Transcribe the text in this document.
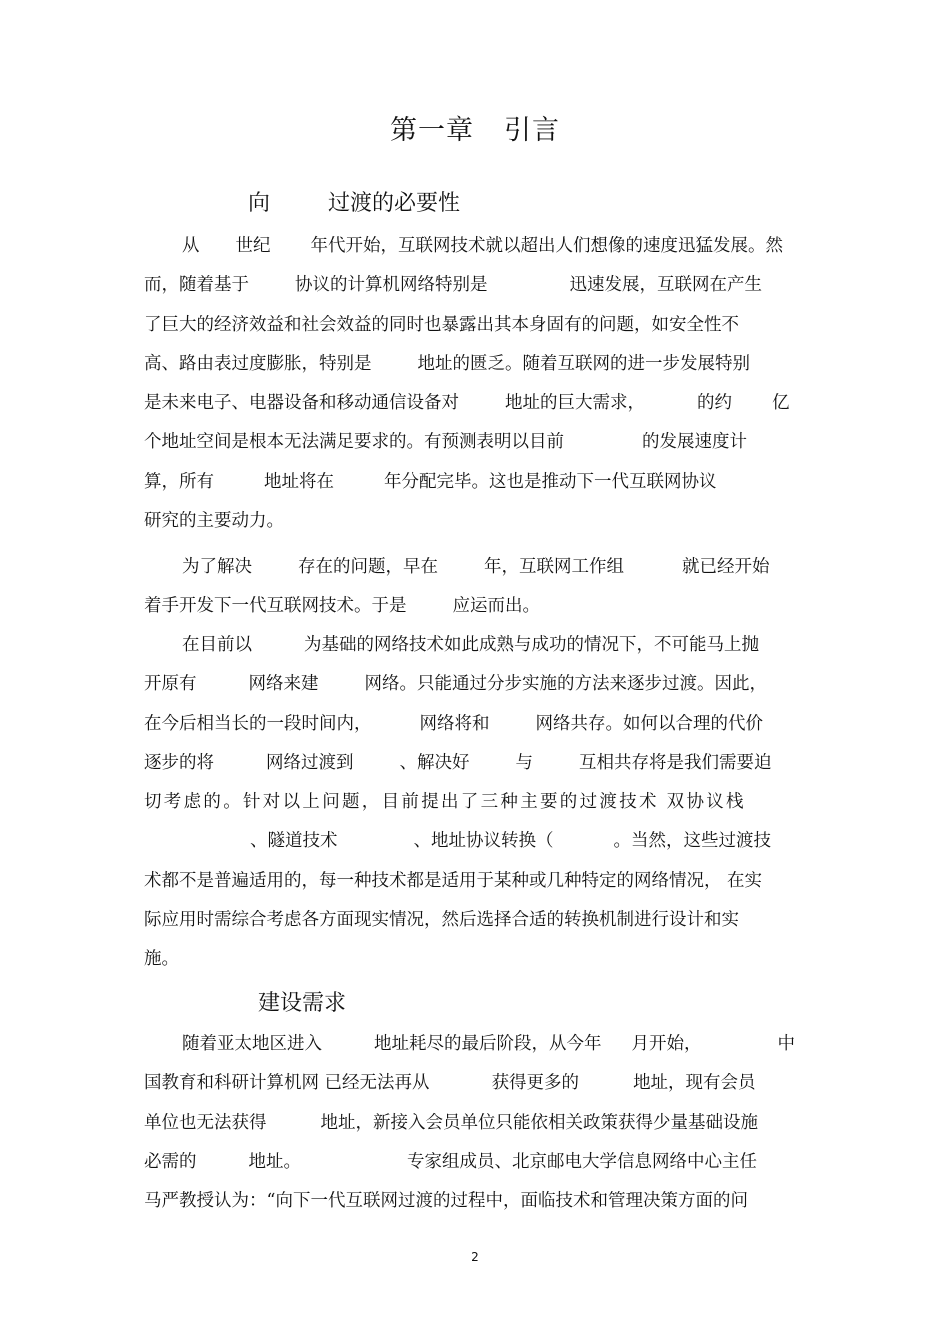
第一章 引言
向	过渡的必要性
从 世纪 年代开始，互联网技术就以超出人们想像的速度迅猛发展。然
而，随着基于	协议的计算机网络特别是	迅速发展，互联网在产生
了巨大的经济效益和社会效益的同时也暴露出其本身固有的问题，如安全性不
高、路由表过度膨胀，特别是	地址的匮乏。随着互联网的进一步发展特别
是未来电子、电器设备和移动通信设备对	地址的巨大需求，	的约 亿
个地址空间是根本无法满足要求的。有预测表明以目前	的发展速度计
算，所有	地址将在	年分配完毕。这也是推动下一代互联网协议
研究的主要动力。
为了解决	存在的问题，早在	年，互联网工作组	就已经开始
着手开发下一代互联网技术。于是	应运而出。
在目前以	为基础的网络技术如此成熟与成功的情况下，不可能马上抛
开原有	网络来建	网络。只能通过分步实施的方法来逐步过渡。因此，
在今后相当长的一段时间内，	网络将和	网络共存。如何以合理的代价
逐步的将	网络过渡到	、解决好	与	互相共存将是我们需要迫
切考虑的。针对以上问题，目前提出了三种主要的过渡技术 双协议栈
、隧道技术	、地址协议转换（	。当然，这些过渡技
术都不是普遍适用的，每一种技术都是适用于某种或几种特定的网络情况， 在实
际应用时需综合考虑各方面现实情况，然后选择合适的转换机制进行设计和实
施。
建设需求
随着亚太地区进入	地址耗尽的最后阶段，从今年 月开始，	中
国教育和科研计算机网 已经无法再从	获得更多的	地址，现有会员
单位也无法获得	地址，新接入会员单位只能依相关政策获得少量基础设施
必需的	地址。	专家组成员、北京邮电大学信息网络中心主任
马严教授认为：“向下一代互联网过渡的过程中，面临技术和管理决策方面的问
2
